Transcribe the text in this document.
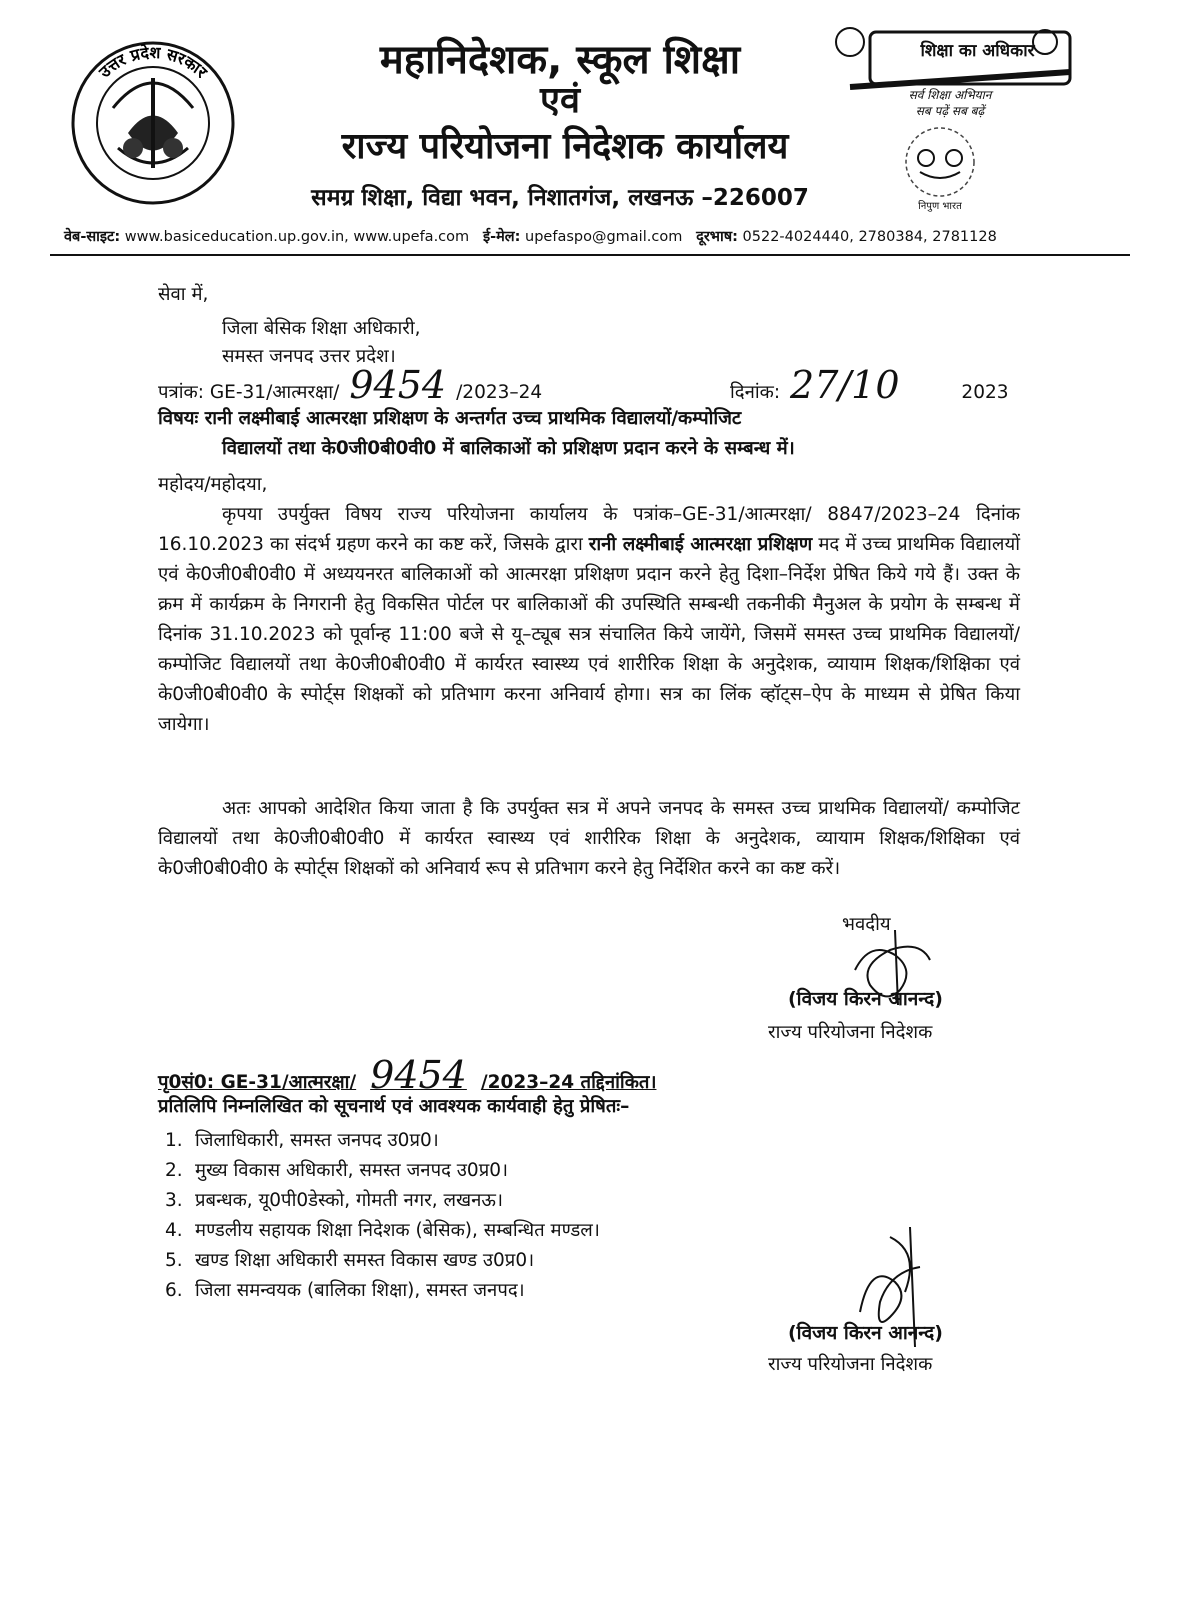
उत्तर प्रदेश सरकार	महानिदेशक, स्कूल शिक्षा
एवं
राज्य परियोजना निदेशक कार्यालय
समग्र शिक्षा, विद्या भवन, निशातगंज, लखनऊ –226007
शिक्षा का अधिकार
सर्व शिक्षा अभियान
सब पढ़ें सब बढ़ें
निपुण भारत
वेब-साइट: www.basiceducation.up.gov.in, www.upefa.com ई-मेल: upefaspo@gmail.com दूरभाष: 0522-4024440, 2780384, 2781128
सेवा में,
जिला बेसिक शिक्षा अधिकारी,
समस्त जनपद उत्तर प्रदेश।
पत्रांक: GE-31/आत्मरक्षा/ 9454 /2023–24	दिनांक: 27/10	2023
विषयः रानी लक्ष्मीबाई आत्मरक्षा प्रशिक्षण के अन्तर्गत उच्च प्राथमिक विद्यालयों/कम्पोजिट
विद्यालयों तथा के0जी0बी0वी0 में बालिकाओं को प्रशिक्षण प्रदान करने के सम्बन्ध में।
महोदय/महोदया,
कृपया उपर्युक्त विषय राज्य परियोजना कार्यालय के पत्रांक–GE-31/आत्मरक्षा/ 8847/2023–24 दिनांक 16.10.2023 का संदर्भ ग्रहण करने का कष्ट करें, जिसके द्वारा रानी लक्ष्मीबाई आत्मरक्षा प्रशिक्षण मद में उच्च प्राथमिक विद्यालयों एवं के0जी0बी0वी0 में अध्ययनरत बालिकाओं को आत्मरक्षा प्रशिक्षण प्रदान करने हेतु दिशा–निर्देश प्रेषित किये गये हैं। उक्त के क्रम में कार्यक्रम के निगरानी हेतु विकसित पोर्टल पर बालिकाओं की उपस्थिति सम्बन्धी तकनीकी मैनुअल के प्रयोग के सम्बन्ध में दिनांक 31.10.2023 को पूर्वान्ह 11:00 बजे से यू–ट्यूब सत्र संचालित किये जायेंगे, जिसमें समस्त उच्च प्राथमिक विद्यालयों/कम्पोजिट विद्यालयों तथा के0जी0बी0वी0 में कार्यरत स्वास्थ्य एवं शारीरिक शिक्षा के अनुदेशक, व्यायाम शिक्षक/शिक्षिका एवं के0जी0बी0वी0 के स्पोर्ट्स शिक्षकों को प्रतिभाग करना अनिवार्य होगा। सत्र का लिंक व्हॉट्स–ऐप के माध्यम से प्रेषित किया जायेगा।
अतः आपको आदेशित किया जाता है कि उपर्युक्त सत्र में अपने जनपद के समस्त उच्च प्राथमिक विद्यालयों/ कम्पोजिट विद्यालयों तथा के0जी0बी0वी0 में कार्यरत स्वास्थ्य एवं शारीरिक शिक्षा के अनुदेशक, व्यायाम शिक्षक/शिक्षिका एवं के0जी0बी0वी0 के स्पोर्ट्स शिक्षकों को अनिवार्य रूप से प्रतिभाग करने हेतु निर्देशित करने का कष्ट करें।
भवदीय
(विजय किरन आनन्द)
राज्य परियोजना निदेशक
पृ0सं0: GE-31/आत्मरक्षा/ 9454 /2023–24 तद्दिनांकित।
प्रतिलिपि निम्नलिखित को सूचनार्थ एवं आवश्यक कार्यवाही हेतु प्रेषितः–
1. जिलाधिकारी, समस्त जनपद उ0प्र0।
2. मुख्य विकास अधिकारी, समस्त जनपद उ0प्र0।
3. प्रबन्धक, यू0पी0डेस्को, गोमती नगर, लखनऊ।
4. मण्डलीय सहायक शिक्षा निदेशक (बेसिक), सम्बन्धित मण्डल।
5. खण्ड शिक्षा अधिकारी समस्त विकास खण्ड उ0प्र0।
6. जिला समन्वयक (बालिका शिक्षा), समस्त जनपद।
(विजय किरन आनन्द)
राज्य परियोजना निदेशक
